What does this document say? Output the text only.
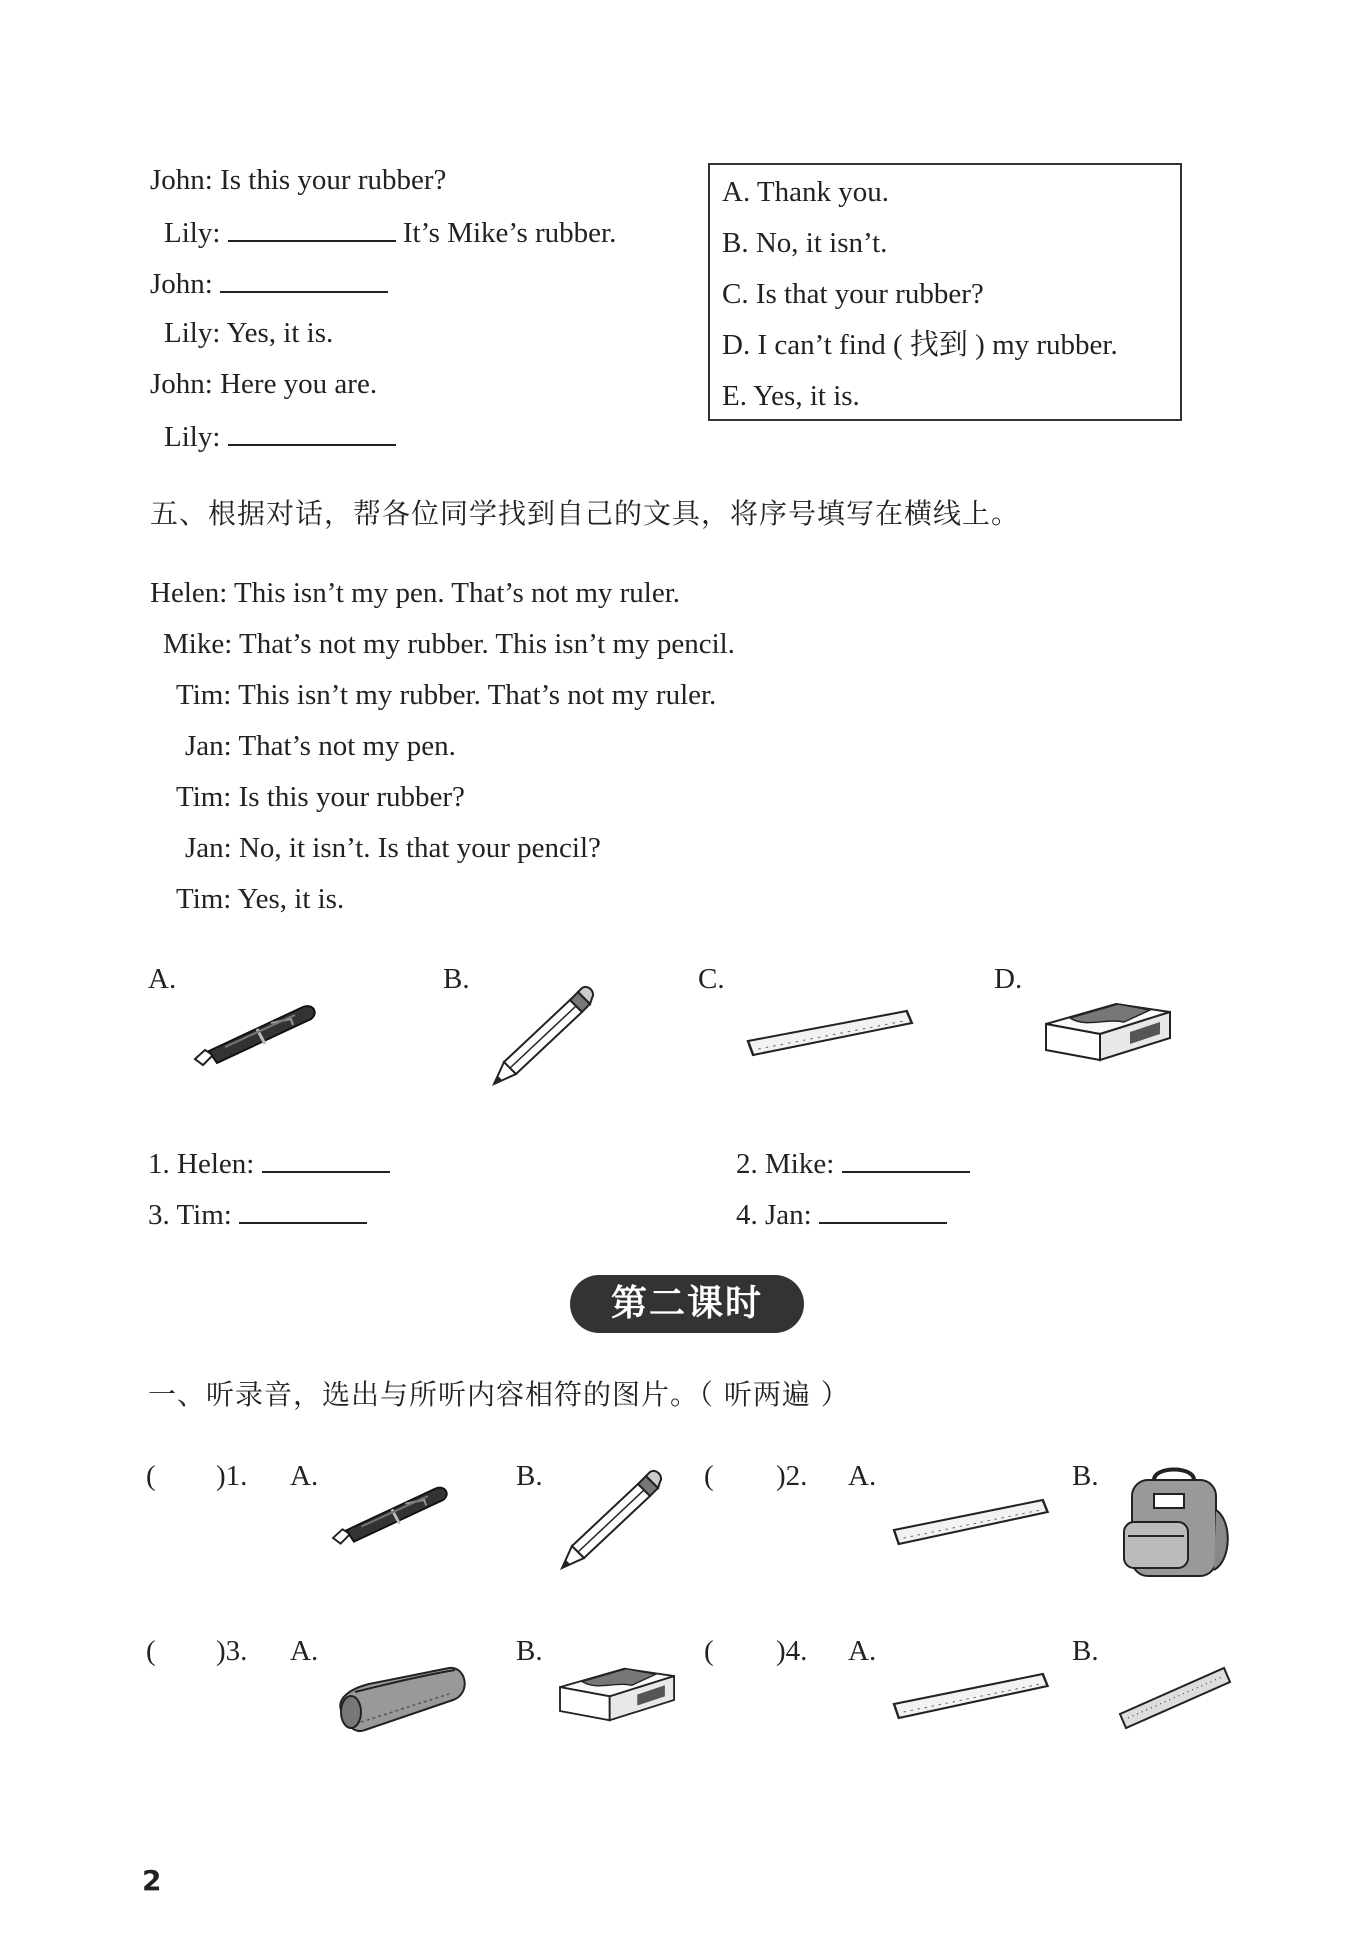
John: Is this your rubber?
Lily:	It’s Mike’s rubber.
John:
Lily: Yes, it is.
John: Here you are.
Lily:
A. Thank you.
B. No, it isn’t.
C. Is that your rubber?
D. I can’t find ( 找到 ) my rubber.
E. Yes, it is.
五、根据对话，帮各位同学找到自己的文具，将序号填写在横线上。
Helen: This isn’t my pen. That’s not my ruler.
Mike: That’s not my rubber. This isn’t my pencil.
Tim: This isn’t my rubber. That’s not my ruler.
Jan: That’s not my pen.
Tim: Is this your rubber?
Jan: No, it isn’t. Is that your pencil?
Tim: Yes, it is.
A.	B.	C.	D.
1. Helen:	2. Mike:
3. Tim:	4. Jan:
第二课时
一、听录音，选出与所听内容相符的图片。（ 听两遍 ）
( )1. A.	B.	( )2. A.	B.
( )3. A.	B.	( )4. A.	B.
2
